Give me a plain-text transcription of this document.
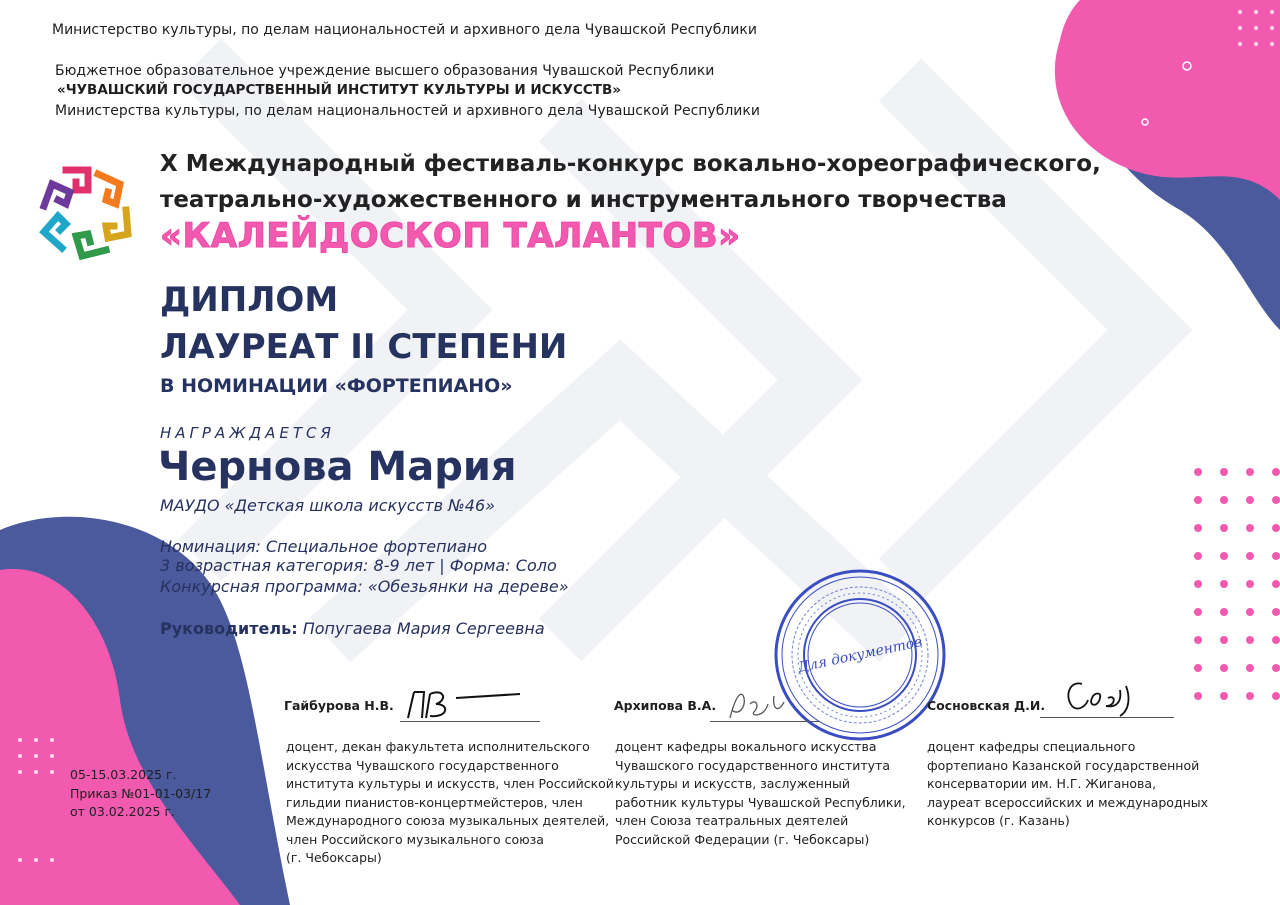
Министерство культуры, по делам национальностей и архивного дела Чувашской Республики
Бюджетное образовательное учреждение высшего образования Чувашской Республики
«ЧУВАШСКИЙ ГОСУДАРСТВЕННЫЙ ИНСТИТУТ КУЛЬТУРЫ И ИСКУССТВ»
Министерства культуры, по делам национальностей и архивного дела Чувашской Республики
X Международный фестиваль-конкурс вокально-хореографического,
театрально-художественного и инструментального творчества
«КАЛЕЙДОСКОП ТАЛАНТОВ»
ДИПЛОМ
ЛАУРЕАТ II СТЕПЕНИ
В НОМИНАЦИИ «ФОРТЕПИАНО»
НАГРАЖДАЕТСЯ
Чернова Мария
МАУДО «Детская школа искусств №46»
Номинация: Специальное фортепиано
3 возрастная категория: 8-9 лет | Форма: Соло
Конкурсная программа: «Обезьянки на дереве»
Руководитель: Попугаева Мария Сергеевна
Для документов
Гайбурова Н.В.
доцент, декан факультета исполнительского
искусства Чувашского государственного
института культуры и искусств, член Российской
гильдии пианистов-концертмейстеров, член
Международного союза музыкальных деятелей,
член Российского музыкального союза
(г. Чебоксары)
Архипова В.А.
доцент кафедры вокального искусства
Чувашского государственного института
культуры и искусств, заслуженный
работник культуры Чувашской Республики,
член Союза театральных деятелей
Российской Федерации (г. Чебоксары)
Сосновская Д.И.
доцент кафедры специального
фортепиано Казанской государственной
консерватории им. Н.Г. Жиганова,
лауреат всероссийских и международных
конкурсов (г. Казань)
05-15.03.2025 г.
Приказ №01-01-03/17
от 03.02.2025 г.
